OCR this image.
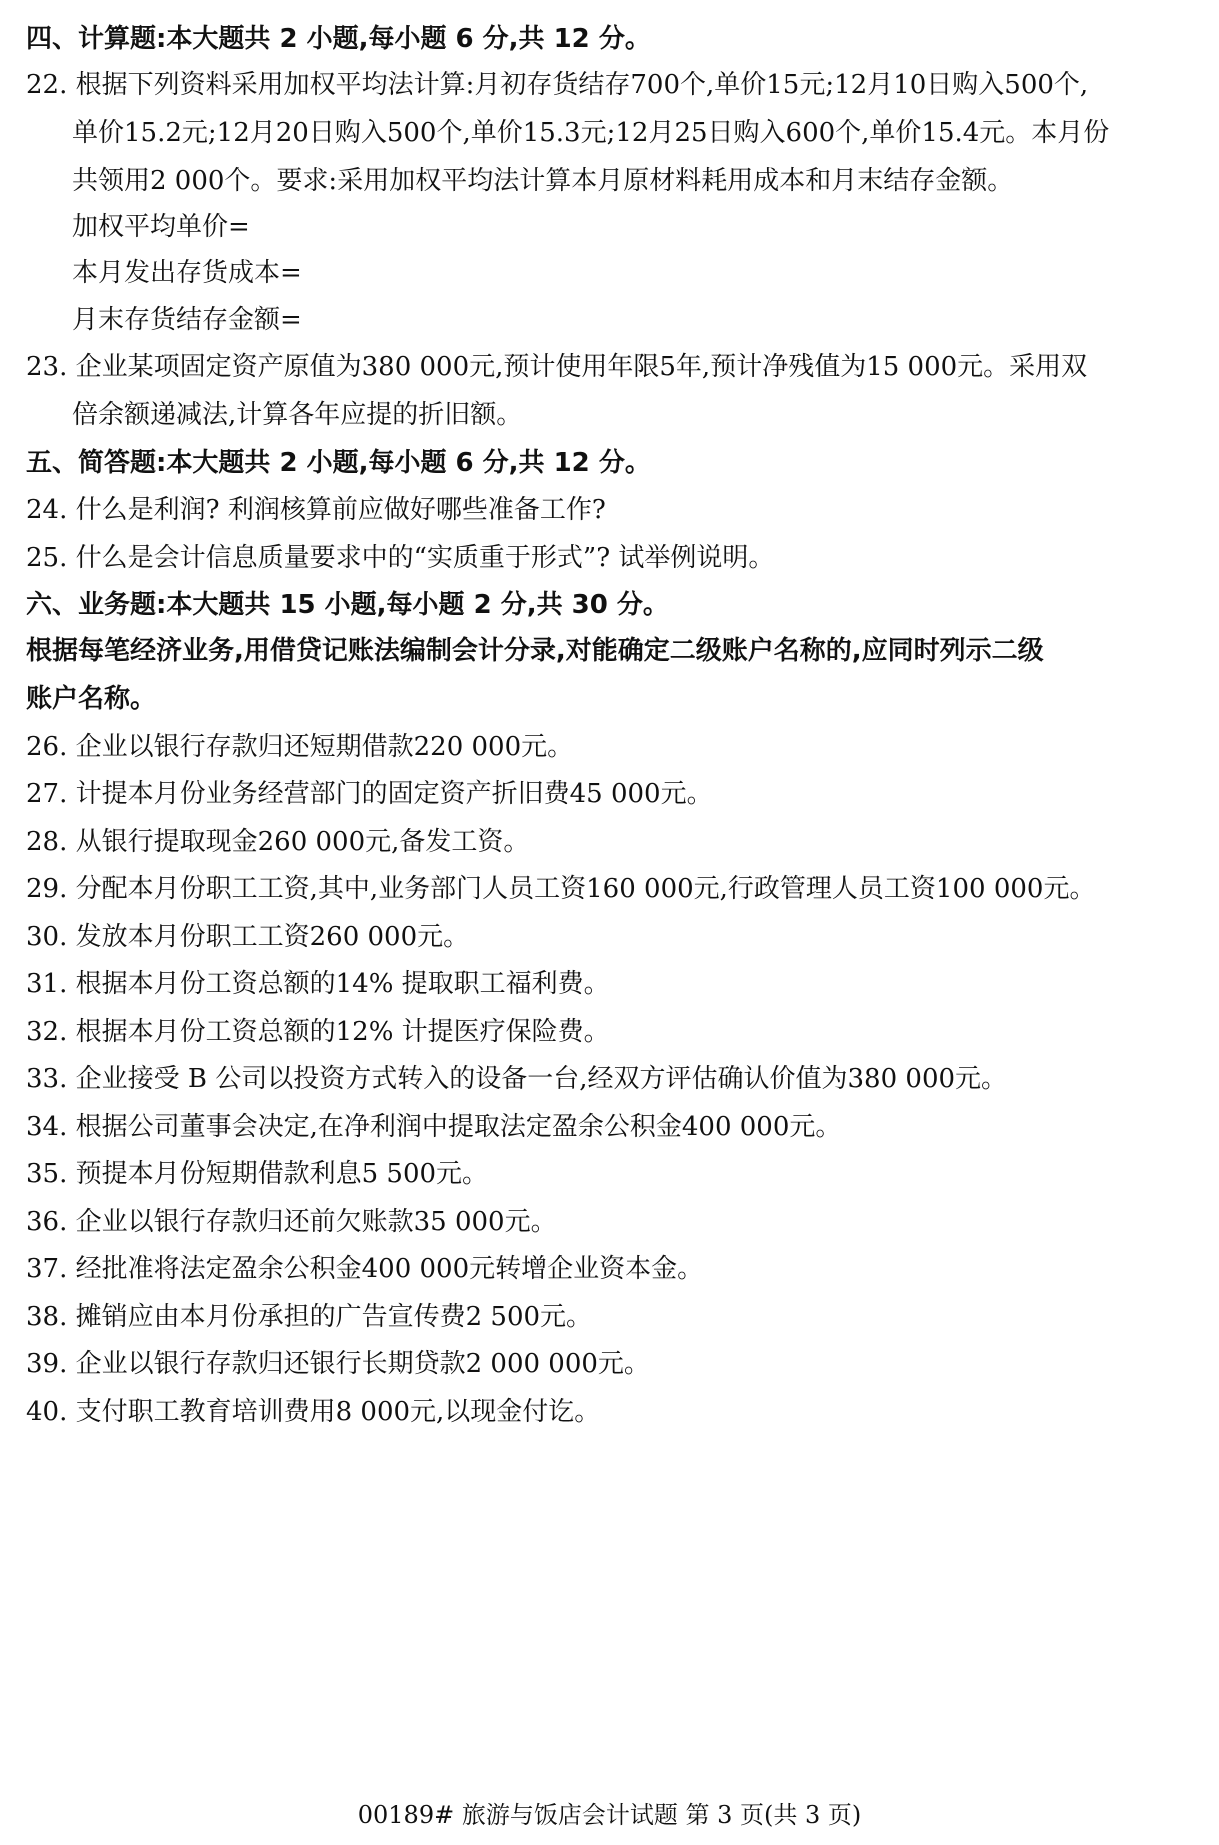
四、计算题:本大题共 2 小题,每小题 6 分,共 12 分。
22. 根据下列资料采用加权平均法计算:月初存货结存700个,单价15元;12月10日购入500个,
单价15.2元;12月20日购入500个,单价15.3元;12月25日购入600个,单价15.4元。本月份
共领用2 000个。要求:采用加权平均法计算本月原材料耗用成本和月末结存金额。
加权平均单价=
本月发出存货成本=
月末存货结存金额=
23. 企业某项固定资产原值为380 000元,预计使用年限5年,预计净残值为15 000元。采用双
倍余额递减法,计算各年应提的折旧额。
五、简答题:本大题共 2 小题,每小题 6 分,共 12 分。
24. 什么是利润? 利润核算前应做好哪些准备工作?
25. 什么是会计信息质量要求中的“实质重于形式”? 试举例说明。
六、业务题:本大题共 15 小题,每小题 2 分,共 30 分。
根据每笔经济业务,用借贷记账法编制会计分录,对能确定二级账户名称的,应同时列示二级
账户名称。
26. 企业以银行存款归还短期借款220 000元。
27. 计提本月份业务经营部门的固定资产折旧费45 000元。
28. 从银行提取现金260 000元,备发工资。
29. 分配本月份职工工资,其中,业务部门人员工资160 000元,行政管理人员工资100 000元。
30. 发放本月份职工工资260 000元。
31. 根据本月份工资总额的14% 提取职工福利费。
32. 根据本月份工资总额的12% 计提医疗保险费。
33. 企业接受 B 公司以投资方式转入的设备一台,经双方评估确认价值为380 000元。
34. 根据公司董事会决定,在净利润中提取法定盈余公积金400 000元。
35. 预提本月份短期借款利息5 500元。
36. 企业以银行存款归还前欠账款35 000元。
37. 经批准将法定盈余公积金400 000元转增企业资本金。
38. 摊销应由本月份承担的广告宣传费2 500元。
39. 企业以银行存款归还银行长期贷款2 000 000元。
40. 支付职工教育培训费用8 000元,以现金付讫。
00189# 旅游与饭店会计试题 第 3 页(共 3 页)
